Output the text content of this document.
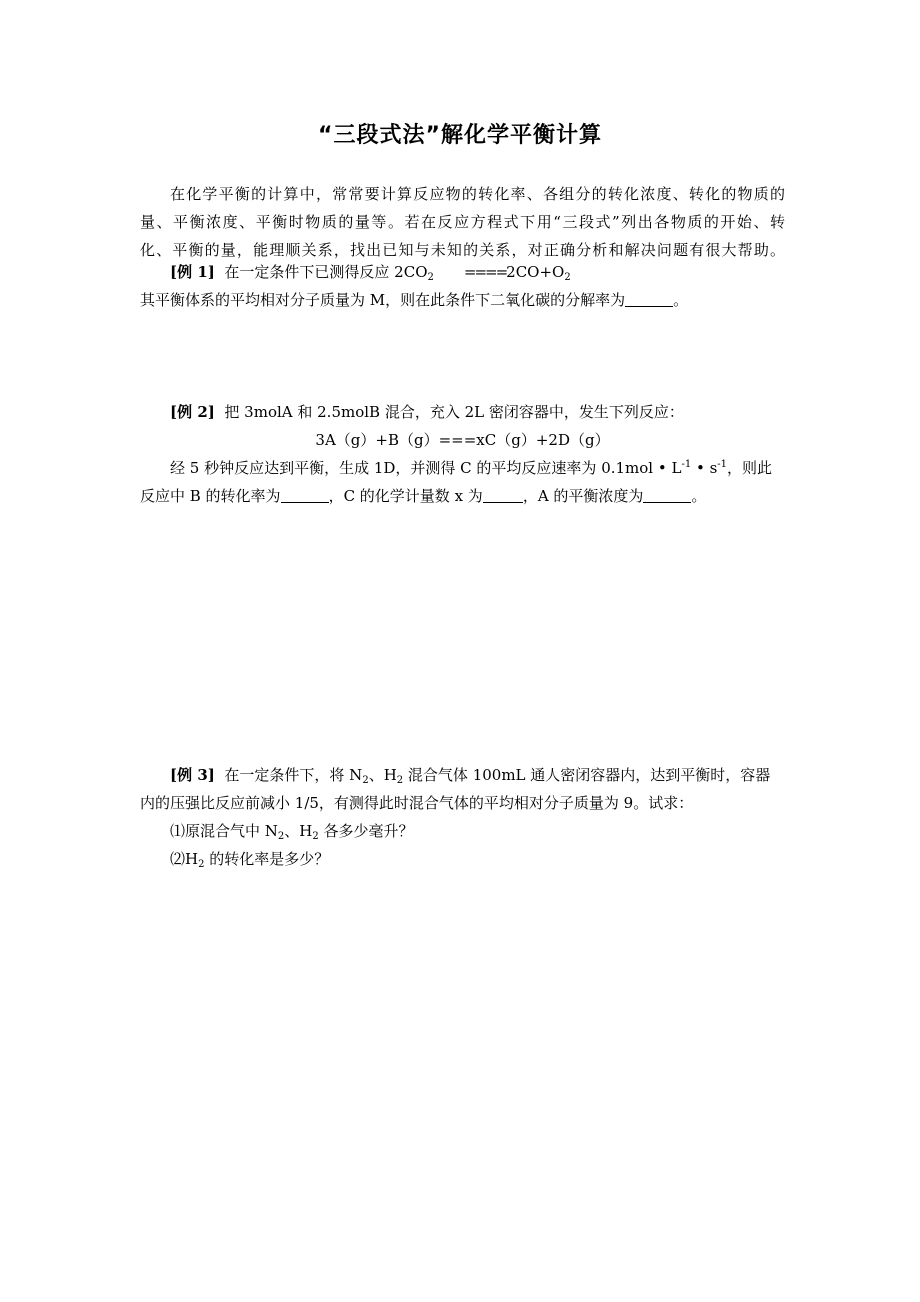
“三段式法”解化学平衡计算

在化学平衡的计算中，常常要计算反应物的转化率、各组分的转化浓度、转化的物质的

量、平衡浓度、平衡时物质的量等。若在反应方程式下用“三段式”列出各物质的开始、转

化、平衡的量，能理顺关系，找出已知与未知的关系，对正确分析和解决问题有很大帮助。

[例 1] 在一定条件下已测得反应 $2CO_2 ====2CO+O_2$

其平衡体系的平均相对分子质量为 M，则在此条件下二氧化碳的分解率为	。

[例 2] 把 3molA 和 2.5molB 混合，充入 2L 密闭容器中，发生下列反应：

3A（g）+B（g）===xC（g）+2D（g）

经 5 秒钟反应达到平衡，生成 1D，并测得 C 的平均反应速率为 0.1mol • $L^{-1}$ • $s^{-1}$，则此

反应中 B 的转化率为	，C 的化学计量数 x 为	，A 的平衡浓度为	。

[例 3] 在一定条件下，将 $N_2$、$H_2$ 混合气体 100mL 通人密闭容器内，达到平衡时，容器

内的压强比反应前减小 1/5，有测得此时混合气体的平均相对分子质量为 9。试求：

⑴原混合气中 $N_2$、$H_2$ 各多少毫升？

$⑵H_2$ 的转化率是多少？
